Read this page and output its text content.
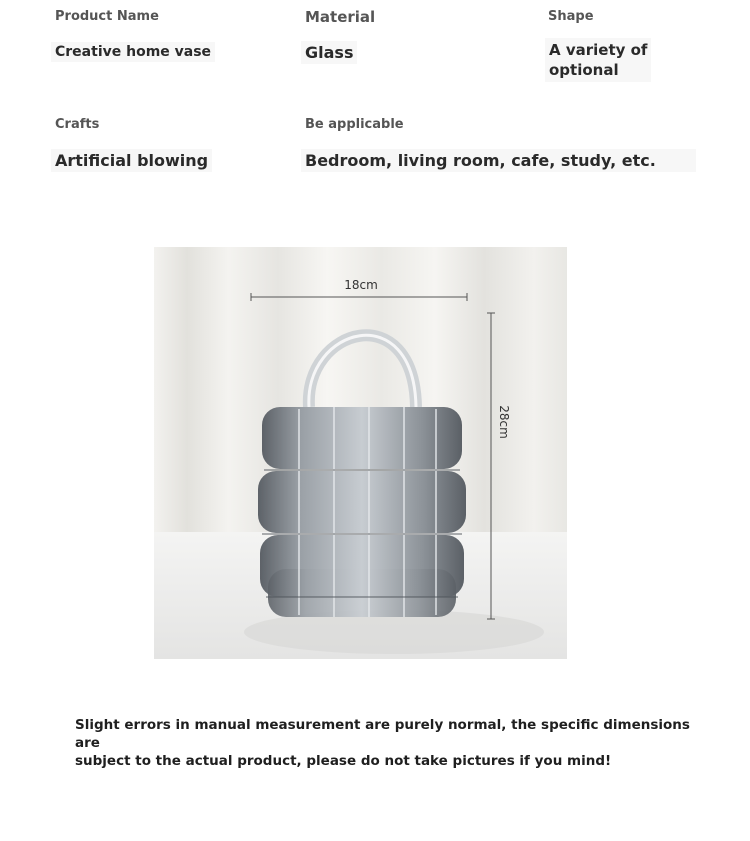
Product Name
Creative home vase
Material
Glass
Shape
A variety of
optional
Crafts
Artificial blowing
Be applicable
Bedroom, living room, cafe, study, etc.
18cm
28cm
Slight errors in manual measurement are purely normal, the specific dimensions are
subject to the actual product, please do not take pictures if you mind!
